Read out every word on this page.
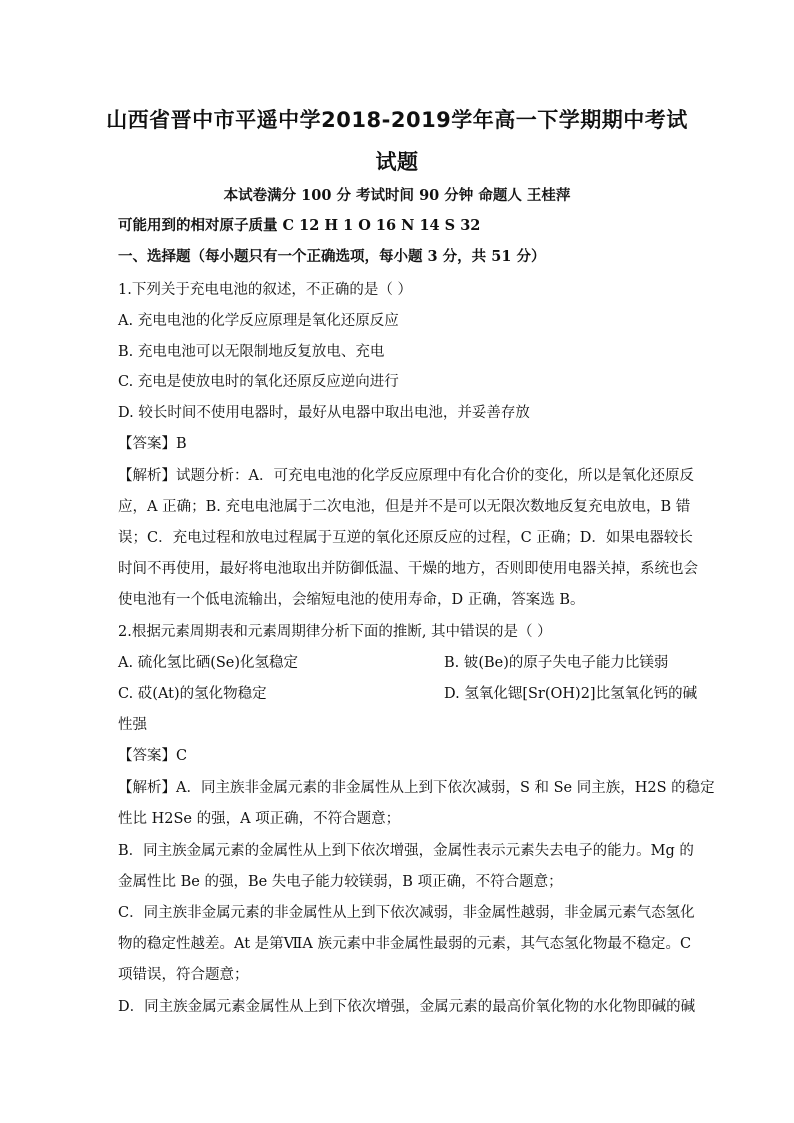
山西省晋中市平遥中学2018-2019学年高一下学期期中考试
试题
本试卷满分 100 分 考试时间 90 分钟 命题人 王桂萍
可能用到的相对原子质量 C 12 H 1 O 16 N 14 S 32
一、选择题（每小题只有一个正确选项，每小题 3 分，共 51 分）
1.下列关于充电电池的叙述，不正确的是（ ）
A. 充电电池的化学反应原理是氧化还原反应
B. 充电电池可以无限制地反复放电、充电
C. 充电是使放电时的氧化还原反应逆向进行
D. 较长时间不使用电器时，最好从电器中取出电池，并妥善存放
【答案】B
【解析】试题分析：A．可充电电池的化学反应原理中有化合价的变化，所以是氧化还原反
应，A 正确；B. 充电电池属于二次电池，但是并不是可以无限次数地反复充电放电，B 错
误；C．充电过程和放电过程属于互逆的氧化还原反应的过程，C 正确；D．如果电器较长
时间不再使用，最好将电池取出并防御低温、干燥的地方，否则即使用电器关掉，系统也会
使电池有一个低电流输出，会缩短电池的使用寿命，D 正确，答案选 B。
2.根据元素周期表和元素周期律分析下面的推断, 其中错误的是（ ）
A. 硫化氢比硒(Se)化氢稳定	B. 铍(Be)的原子失电子能力比镁弱
C. 砹(At)的氢化物稳定	D. 氢氧化锶[Sr(OH)2]比氢氧化钙的碱
性强
【答案】C
【解析】A．同主族非金属元素的非金属性从上到下依次减弱，S 和 Se 同主族，H2S 的稳定
性比 H2Se 的强，A 项正确，不符合题意；
B．同主族金属元素的金属性从上到下依次增强，金属性表示元素失去电子的能力。Mg 的
金属性比 Be 的强，Be 失电子能力较镁弱，B 项正确，不符合题意；
C．同主族非金属元素的非金属性从上到下依次减弱，非金属性越弱，非金属元素气态氢化
物的稳定性越差。At 是第ⅦA 族元素中非金属性最弱的元素，其气态氢化物最不稳定。C
项错误，符合题意；
D．同主族金属元素金属性从上到下依次增强，金属元素的最高价氧化物的水化物即碱的碱
